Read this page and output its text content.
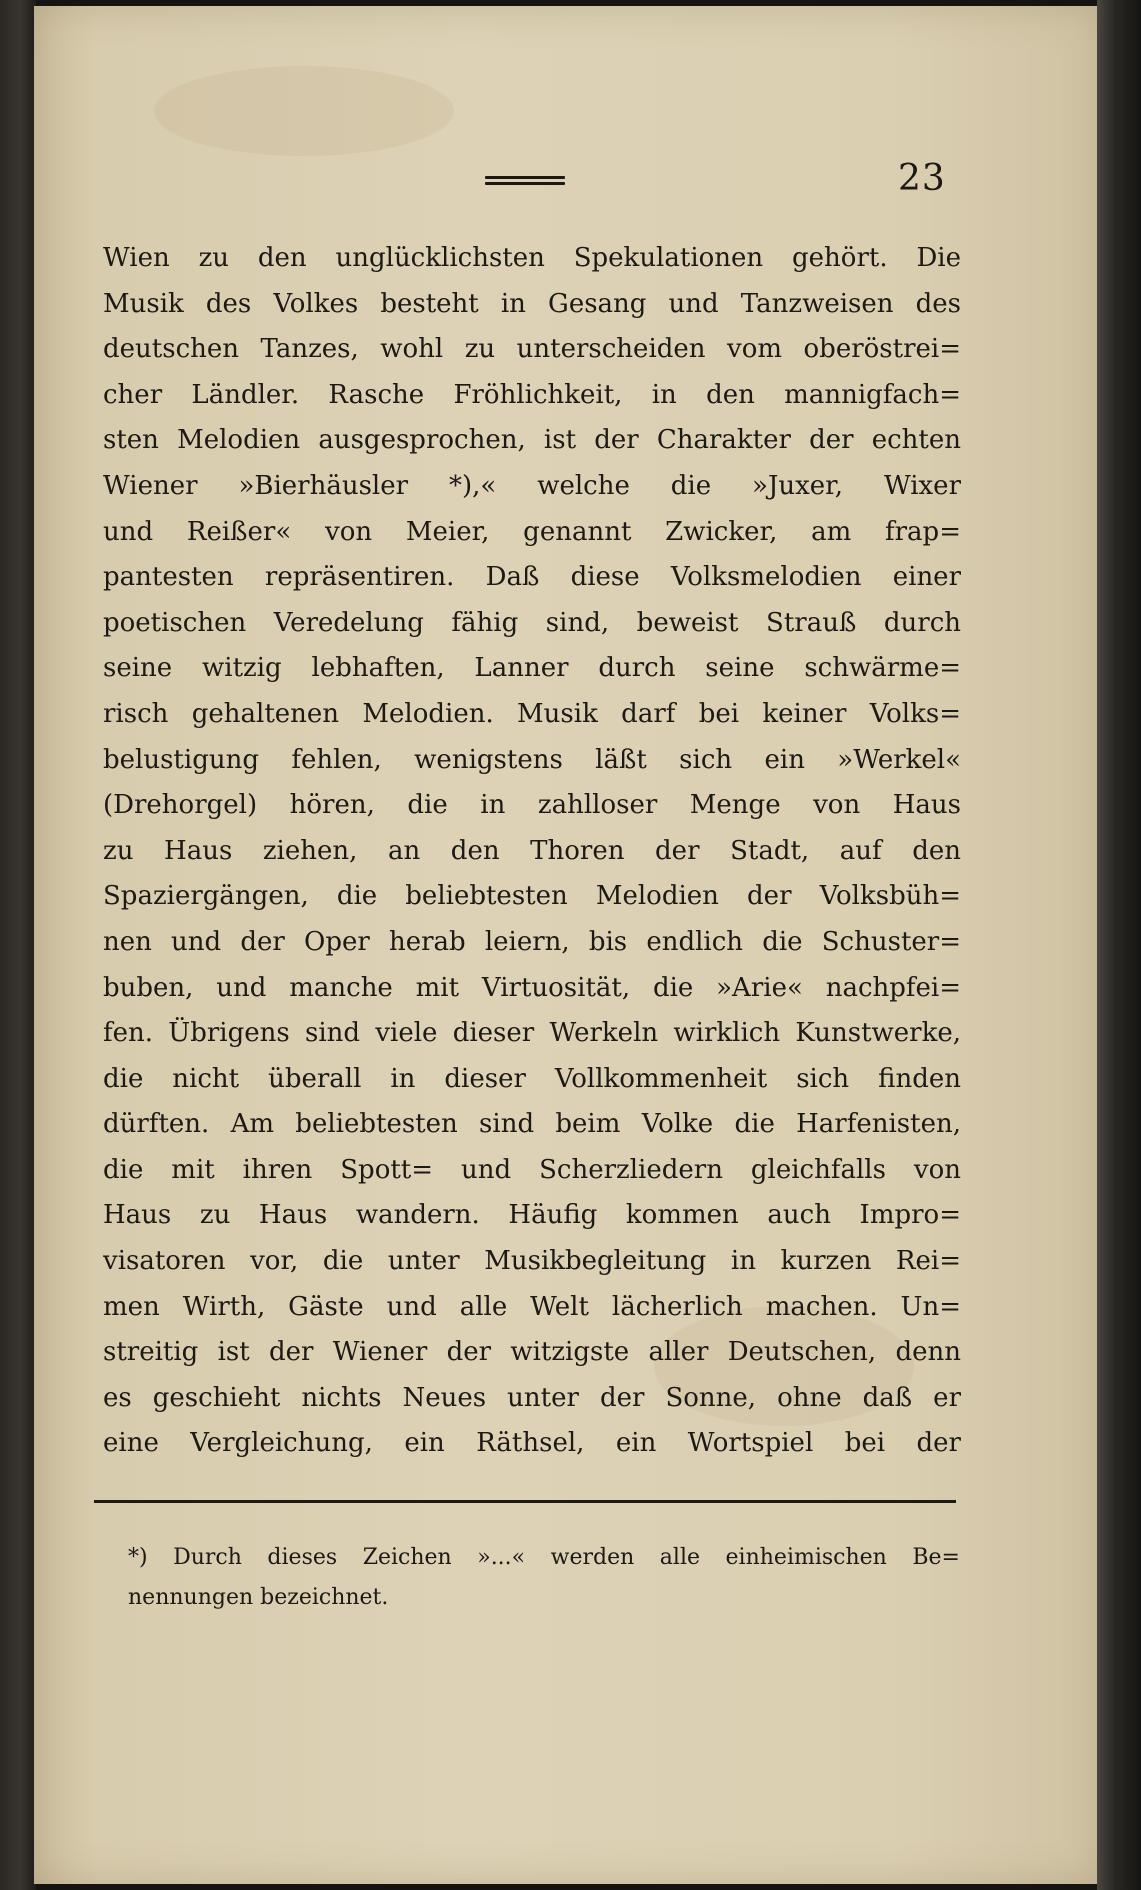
23
Wien zu den unglücklichsten Spekulationen gehört. Die
Musik des Volkes besteht in Gesang und Tanzweisen des
deutschen Tanzes, wohl zu unterscheiden vom oberöstrei=
cher Ländler. Rasche Fröhlichkeit, in den mannigfach=
sten Melodien ausgesprochen, ist der Charakter der echten
Wiener »Bierhäusler *),« welche die »Juxer, Wixer
und Reißer« von Meier, genannt Zwicker, am frap=
pantesten repräsentiren. Daß diese Volksmelodien einer
poetischen Veredelung fähig sind, beweist Strauß durch
seine witzig lebhaften, Lanner durch seine schwärme=
risch gehaltenen Melodien. Musik darf bei keiner Volks=
belustigung fehlen, wenigstens läßt sich ein »Werkel«
(Drehorgel) hören, die in zahlloser Menge von Haus
zu Haus ziehen, an den Thoren der Stadt, auf den
Spaziergängen, die beliebtesten Melodien der Volksbüh=
nen und der Oper herab leiern, bis endlich die Schuster=
buben, und manche mit Virtuosität, die »Arie« nachpfei=
fen. Übrigens sind viele dieser Werkeln wirklich Kunstwerke,
die nicht überall in dieser Vollkommenheit sich finden
dürften. Am beliebtesten sind beim Volke die Harfenisten,
die mit ihren Spott= und Scherzliedern gleichfalls von
Haus zu Haus wandern. Häufig kommen auch Impro=
visatoren vor, die unter Musikbegleitung in kurzen Rei=
men Wirth, Gäste und alle Welt lächerlich machen. Un=
streitig ist der Wiener der witzigste aller Deutschen, denn
es geschieht nichts Neues unter der Sonne, ohne daß er
eine Vergleichung, ein Räthsel, ein Wortspiel bei der
*) Durch dieses Zeichen »...« werden alle einheimischen Be=
nennungen bezeichnet.
